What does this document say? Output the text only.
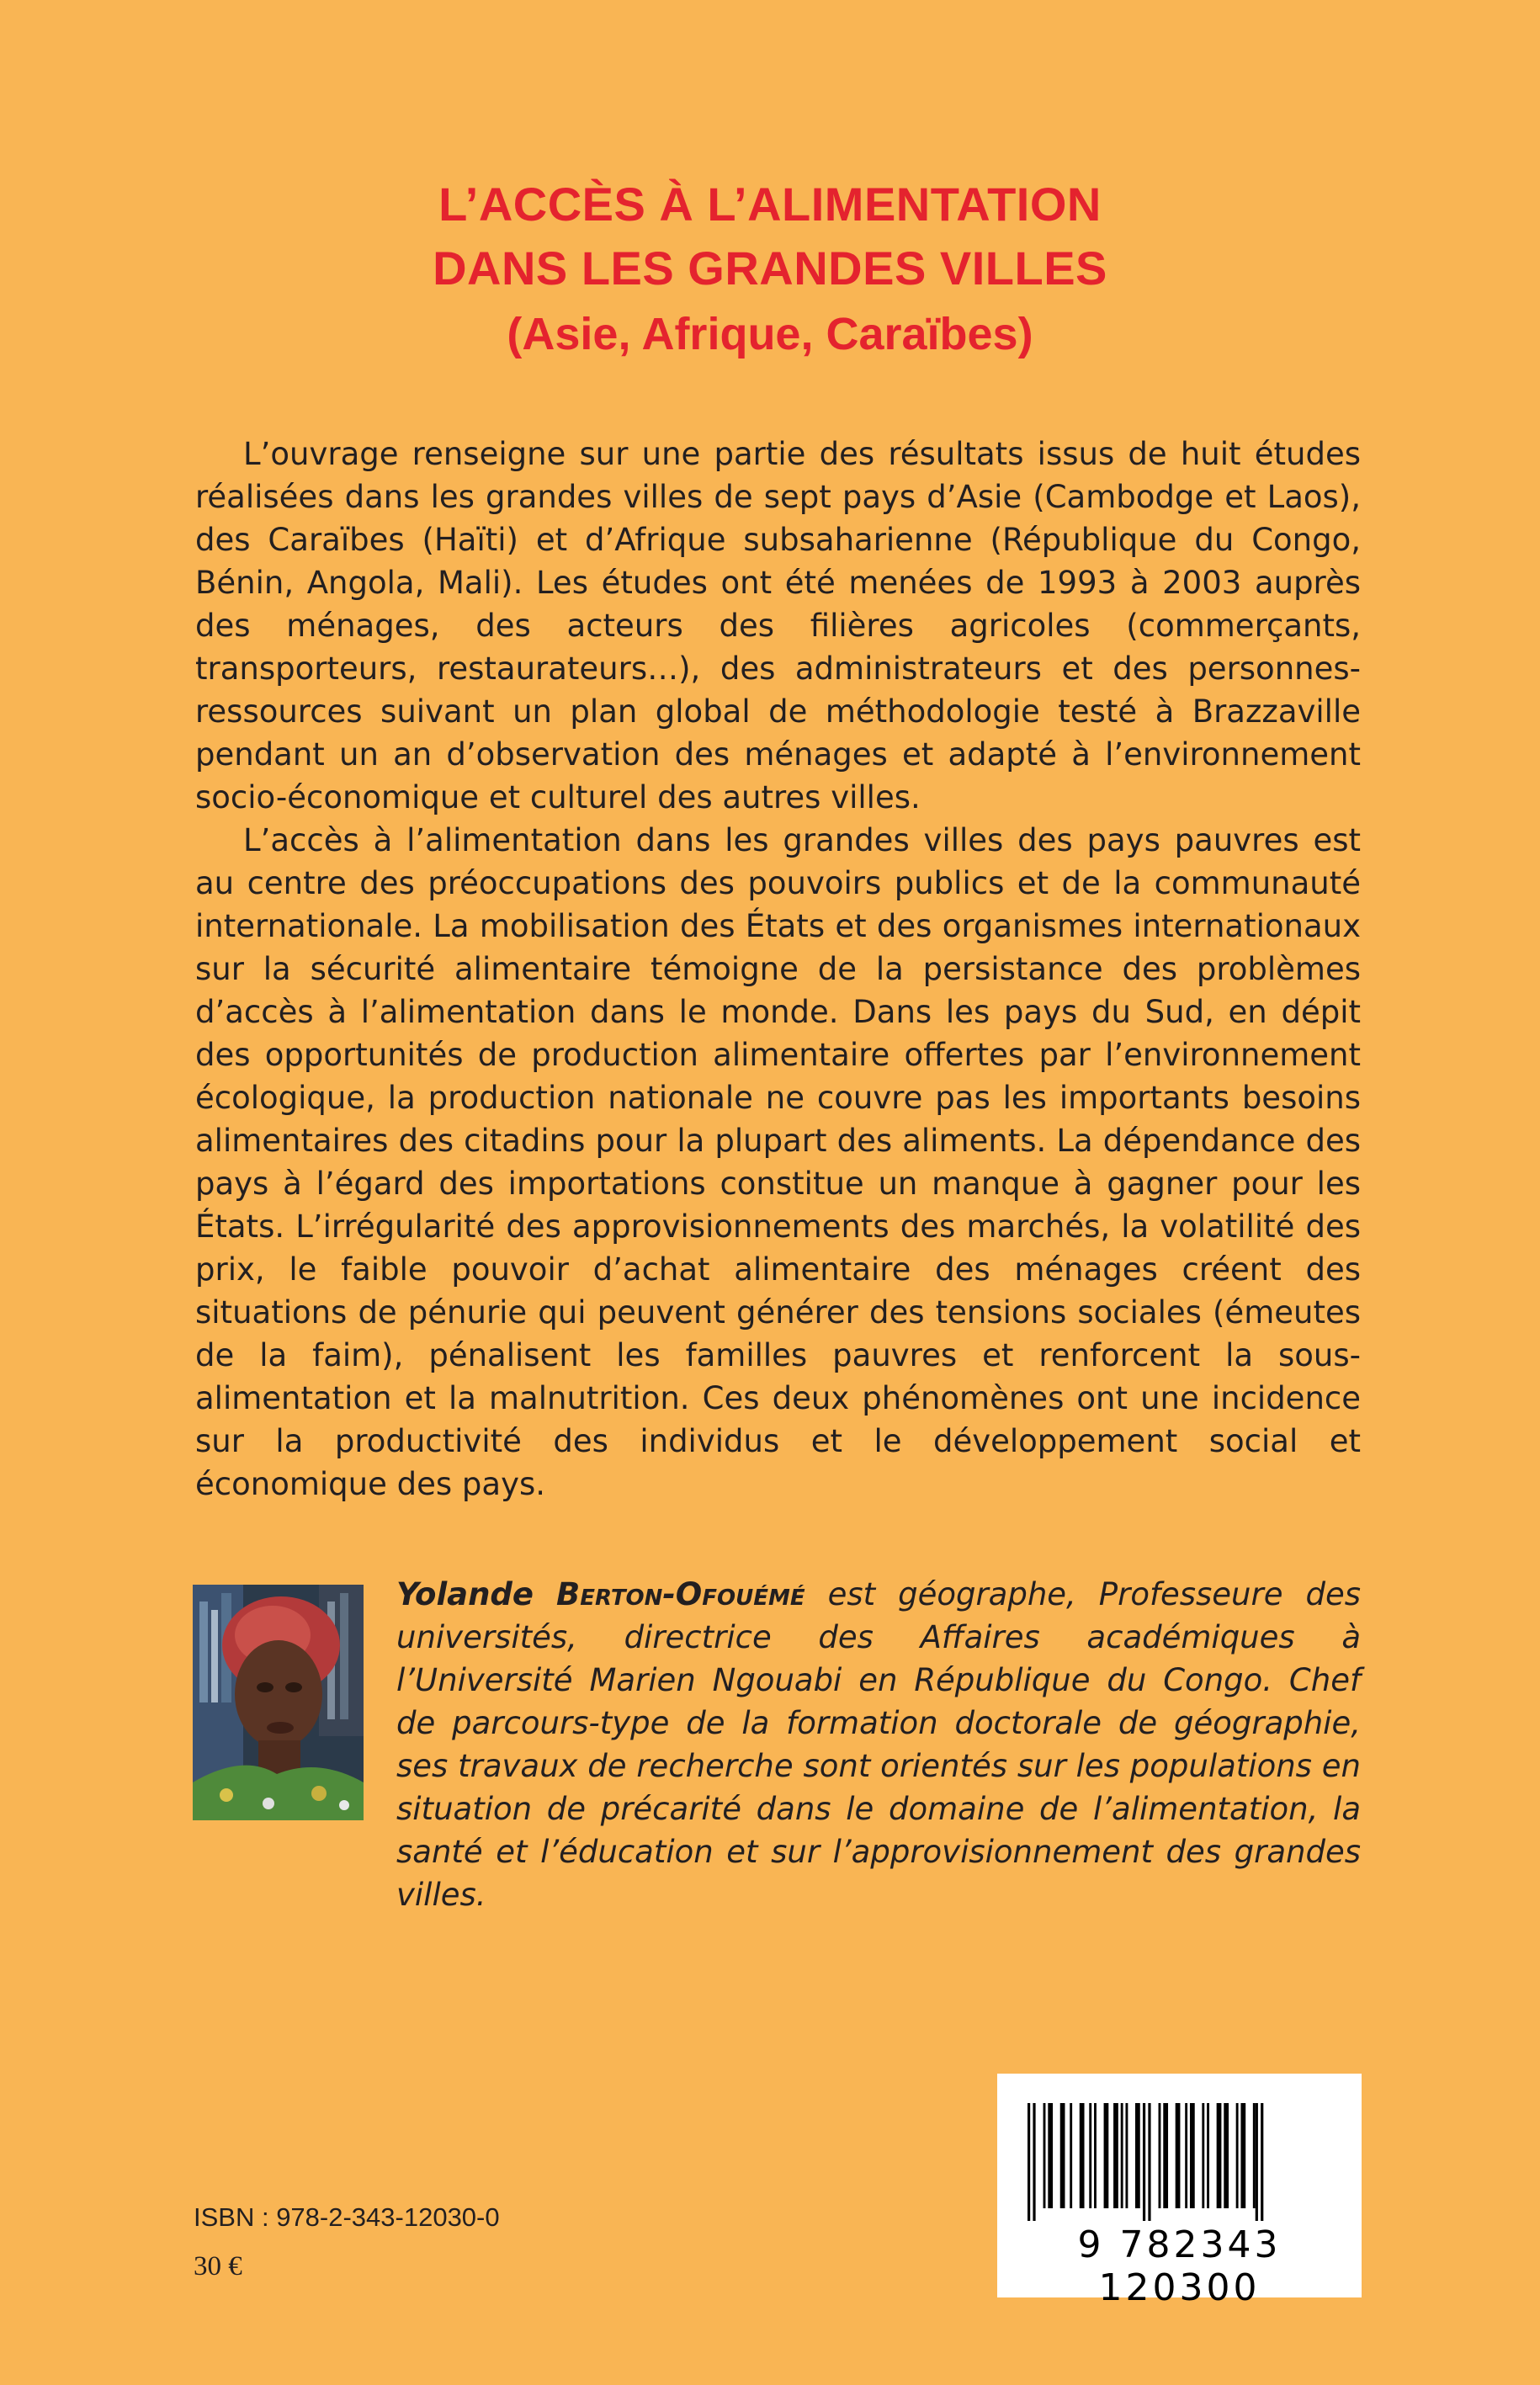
L’ACCÈS À L’ALIMENTATION
DANS LES GRANDES VILLES
(Asie, Afrique, Caraïbes)

L’ouvrage renseigne sur une partie des résultats issus de huit études réalisées dans les grandes villes de sept pays d’Asie (Cambodge et Laos), des Caraïbes (Haïti) et d’Afrique subsaharienne (République du Congo, Bénin, Angola, Mali). Les études ont été menées de 1993 à 2003 auprès des ménages, des acteurs des filières agricoles (commerçants, transporteurs, restaurateurs…), des administrateurs et des personnes-ressources suivant un plan global de méthodologie testé à Brazzaville pendant un an d’observation des ménages et adapté à l’environnement socio-économique et culturel des autres villes.

L’accès à l’alimentation dans les grandes villes des pays pauvres est au centre des préoccupations des pouvoirs publics et de la communauté internationale. La mobilisation des États et des organismes internationaux sur la sécurité alimentaire témoigne de la persistance des problèmes d’accès à l’alimentation dans le monde. Dans les pays du Sud, en dépit des opportunités de production alimentaire offertes par l’environnement écologique, la production nationale ne couvre pas les importants besoins alimentaires des citadins pour la plupart des aliments. La dépendance des pays à l’égard des importations constitue un manque à gagner pour les États. L’irrégularité des approvisionnements des marchés, la volatilité des prix, le faible pouvoir d’achat alimentaire des ménages créent des situations de pénurie qui peuvent générer des tensions sociales (émeutes de la faim), pénalisent les familles pauvres et renforcent la sous-alimentation et la malnutrition. Ces deux phénomènes ont une incidence sur la productivité des individus et le développement social et économique des pays.

Yolande Berton-Ofouémé est géographe, Professeure des universités, directrice des Affaires académiques à l’Université Marien Ngouabi en République du Congo. Chef de parcours-type de la formation doctorale de géographie, ses travaux de recherche sont orientés sur les populations en situation de précarité dans le domaine de l’alimentation, la santé et l’éducation et sur l’approvisionnement des grandes villes.
9 782343 120300
ISBN : 978-2-343-12030-0
30 €
